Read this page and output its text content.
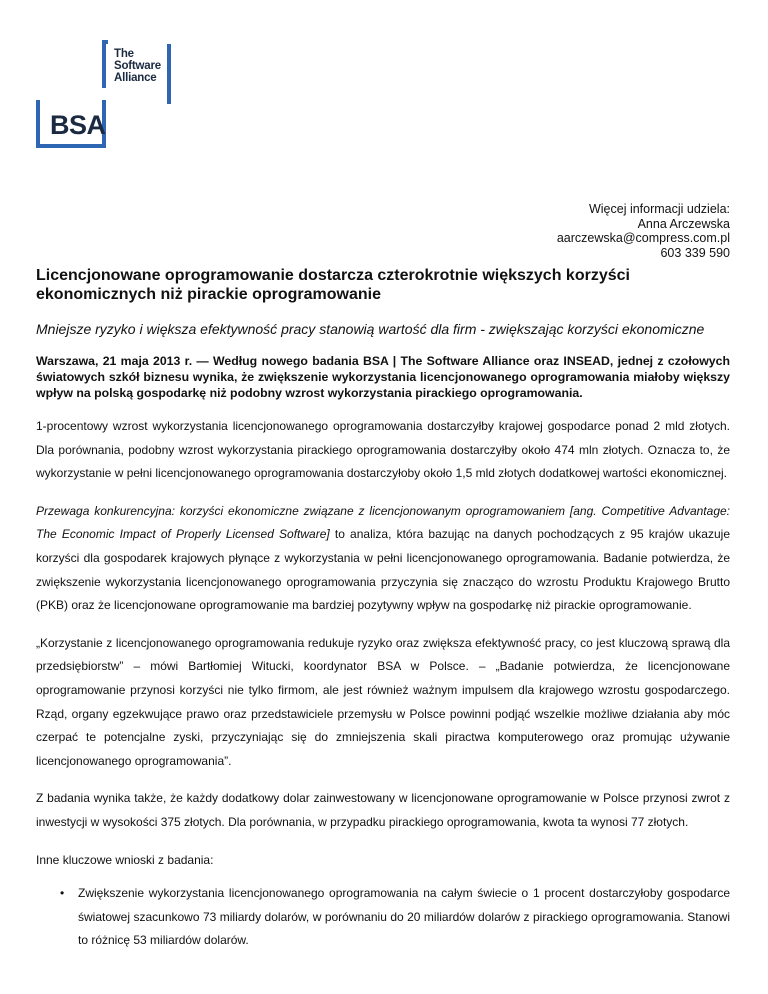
The
Software
Alliance
BSA
Więcej informacji udziela:
Anna Arczewska
aarczewska@compress.com.pl
603 339 590
Licencjonowane oprogramowanie dostarcza czterokrotnie większych korzyści ekonomicznych niż pirackie oprogramowanie

Mniejsze ryzyko i większa efektywność pracy stanowią wartość dla firm - zwiększając korzyści ekonomiczne

Warszawa, 21 maja 2013 r. — Według nowego badania BSA | The Software Alliance oraz INSEAD, jednej z czołowych światowych szkół biznesu wynika, że zwiększenie wykorzystania licencjonowanego oprogramowania miałoby większy wpływ na polską gospodarkę niż podobny wzrost wykorzystania pirackiego oprogramowania.

1-procentowy wzrost wykorzystania licencjonowanego oprogramowania dostarczyłby krajowej gospodarce ponad 2 mld złotych. Dla porównania, podobny wzrost wykorzystania pirackiego oprogramowania dostarczyłby około 474 mln złotych. Oznacza to, że wykorzystanie w pełni licencjonowanego oprogramowania dostarczyłoby około 1,5 mld złotych dodatkowej wartości ekonomicznej.

Przewaga konkurencyjna: korzyści ekonomiczne związane z licencjonowanym oprogramowaniem [ang. Competitive Advantage: The Economic Impact of Properly Licensed Software] to analiza, która bazując na danych pochodzących z 95 krajów ukazuje korzyści dla gospodarek krajowych płynące z wykorzystania w pełni licencjonowanego oprogramowania. Badanie potwierdza, że zwiększenie wykorzystania licencjonowanego oprogramowania przyczynia się znacząco do wzrostu Produktu Krajowego Brutto (PKB) oraz że licencjonowane oprogramowanie ma bardziej pozytywny wpływ na gospodarkę niż pirackie oprogramowanie.

„Korzystanie z licencjonowanego oprogramowania redukuje ryzyko oraz zwiększa efektywność pracy, co jest kluczową sprawą dla przedsiębiorstw” – mówi Bartłomiej Witucki, koordynator BSA w Polsce. – „Badanie potwierdza, że licencjonowane oprogramowanie przynosi korzyści nie tylko firmom, ale jest również ważnym impulsem dla krajowego wzrostu gospodarczego. Rząd, organy egzekwujące prawo oraz przedstawiciele przemysłu w Polsce powinni podjąć wszelkie możliwe działania aby móc czerpać te potencjalne zyski, przyczyniając się do zmniejszenia skali piractwa komputerowego oraz promując używanie licencjonowanego oprogramowania”.

Z badania wynika także, że każdy dodatkowy dolar zainwestowany w licencjonowane oprogramowanie w Polsce przynosi zwrot z inwestycji w wysokości 375 złotych. Dla porównania, w przypadku pirackiego oprogramowania, kwota ta wynosi 77 złotych.

Inne kluczowe wnioski z badania:

• Zwiększenie wykorzystania licencjonowanego oprogramowania na całym świecie o 1 procent dostarczyłoby gospodarce światowej szacunkowo 73 miliardy dolarów, w porównaniu do 20 miliardów dolarów z pirackiego oprogramowania. Stanowi to różnicę 53 miliardów dolarów.
